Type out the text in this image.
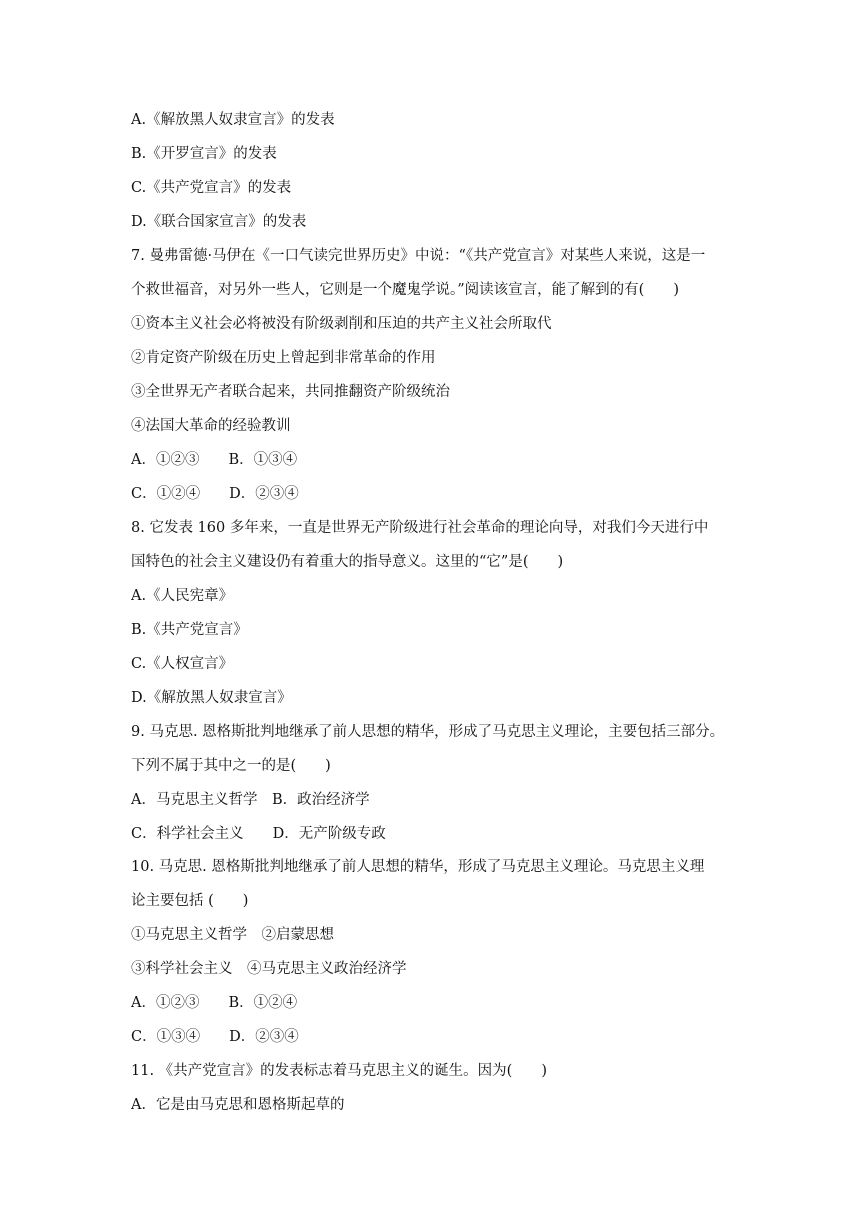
A.《解放黑人奴隶宣言》的发表
B.《开罗宣言》的发表
C.《共产党宣言》的发表
D.《联合国家宣言》的发表
7. 曼弗雷德·马伊在《一口气读完世界历史》中说：“《共产党宣言》对某些人来说，这是一
个救世福音，对另外一些人，它则是一个魔鬼学说。”阅读该宣言，能了解到的有(　　)
①资本主义社会必将被没有阶级剥削和压迫的共产主义社会所取代
②肯定资产阶级在历史上曾起到非常革命的作用
③全世界无产者联合起来，共同推翻资产阶级统治
④法国大革命的经验教训
A．①②③　　B．①③④
C．①②④　　D．②③④
8. 它发表 160 多年来，一直是世界无产阶级进行社会革命的理论向导，对我们今天进行中
国特色的社会主义建设仍有着重大的指导意义。这里的“它”是(　　)
A.《人民宪章》
B.《共产党宣言》
C.《人权宣言》
D.《解放黑人奴隶宣言》
9. 马克思. 恩格斯批判地继承了前人思想的精华，形成了马克思主义理论，主要包括三部分。
下列不属于其中之一的是(　　)
A．马克思主义哲学　B．政治经济学
C．科学社会主义　　D．无产阶级专政
10. 马克思. 恩格斯批判地继承了前人思想的精华，形成了马克思主义理论。马克思主义理
论主要包括 (　　)
①马克思主义哲学　②启蒙思想
③科学社会主义　④马克思主义政治经济学
A．①②③　　B．①②④
C．①③④　　D．②③④
11. 《共产党宣言》的发表标志着马克思主义的诞生。因为(　　)
A．它是由马克思和恩格斯起草的
